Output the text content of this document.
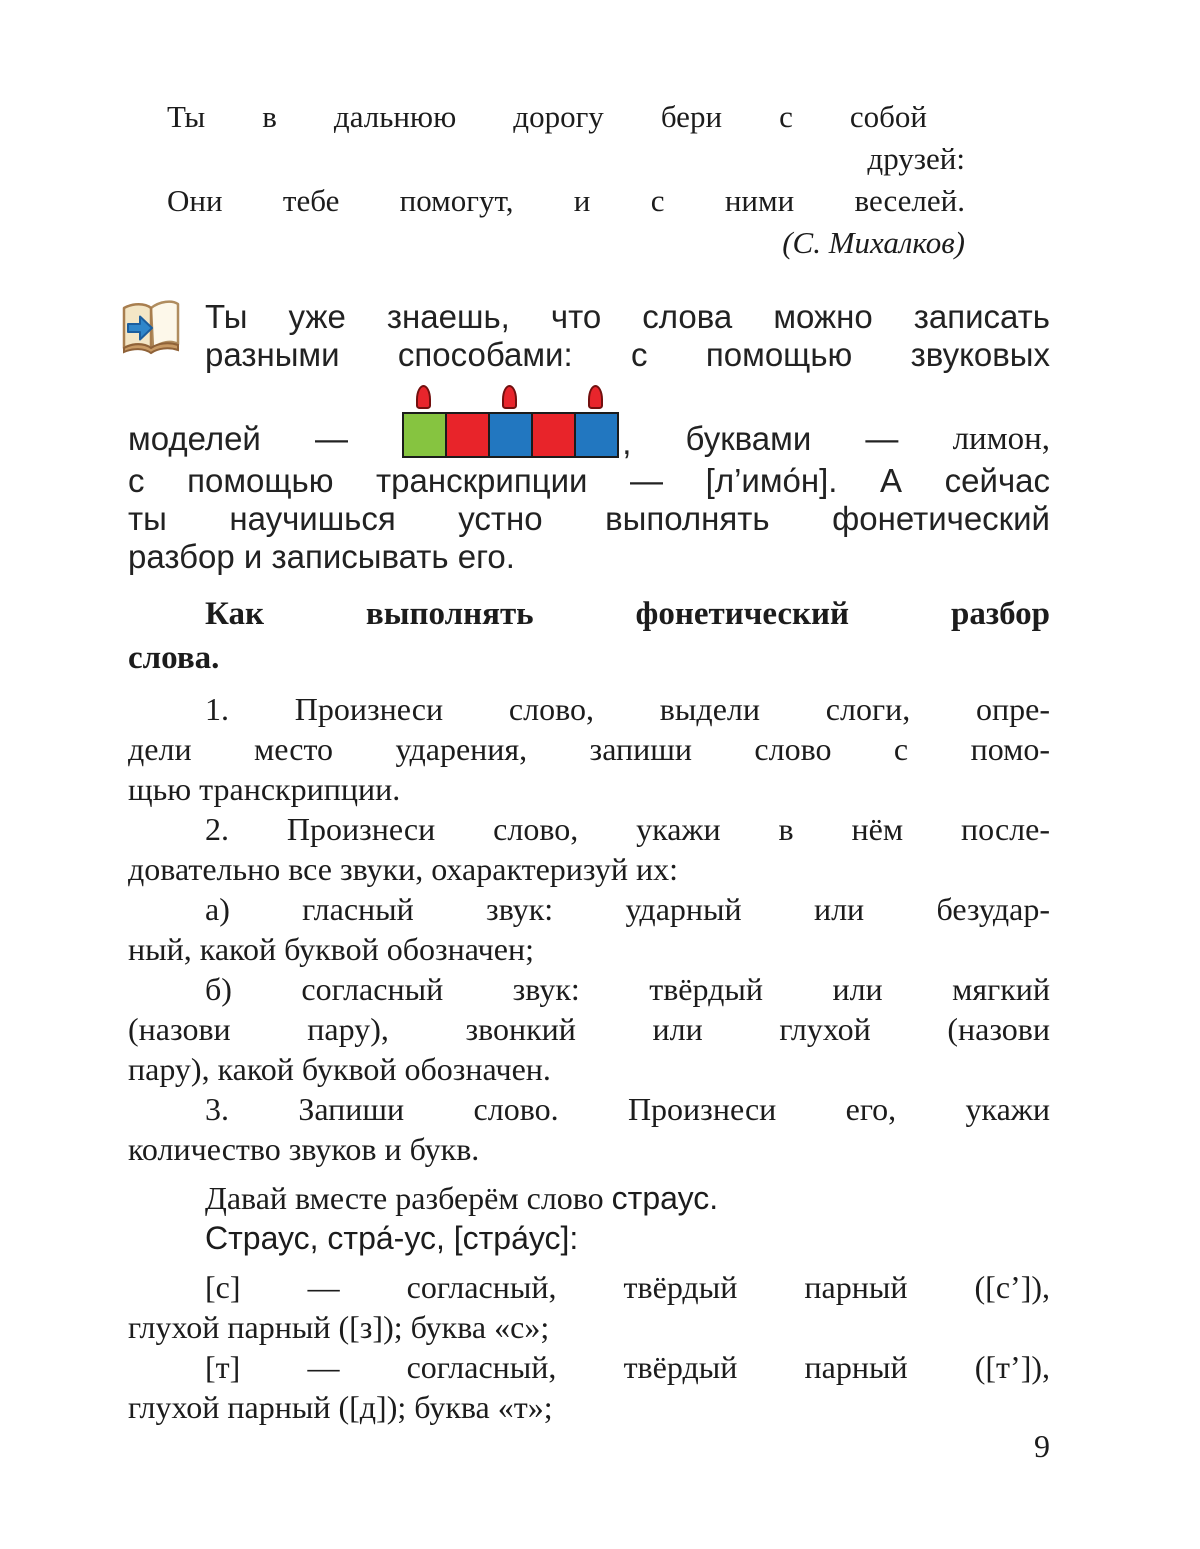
Ты в дальнюю дорогу бери с собой
друзей:
Они тебе помогут, и с ними веселей.
(С. Михалков)
Ты уже знаешь, что слова можно записать
разными способами: с помощью звуковых
моделей —	, буквами — лимон,
с помощью транскрипции — [л’имо́н]. А сейчас
ты научишься устно выполнять фонетический
разбор и записывать его.
Как выполнять фонетический разбор
слова.
1. Произнеси слово, выдели слоги, опре-
дели место ударения, запиши слово с помо-
щью транскрипции.
2. Произнеси слово, укажи в нём после-
довательно все звуки, охарактеризуй их:
а) гласный звук: ударный или безудар-
ный, какой буквой обозначен;
б) согласный звук: твёрдый или мягкий
(назови пару), звонкий или глухой (назови
пару), какой буквой обозначен.
3. Запиши слово. Произнеси его, укажи
количество звуков и букв.
Давай вместе разберём слово страус.
Страус, стра́-ус, [стра́ус]:
[с] — согласный, твёрдый парный ([с’]),
глухой парный ([з]); буква «с»;
[т] — согласный, твёрдый парный ([т’]),
глухой парный ([д]); буква «т»;
9
